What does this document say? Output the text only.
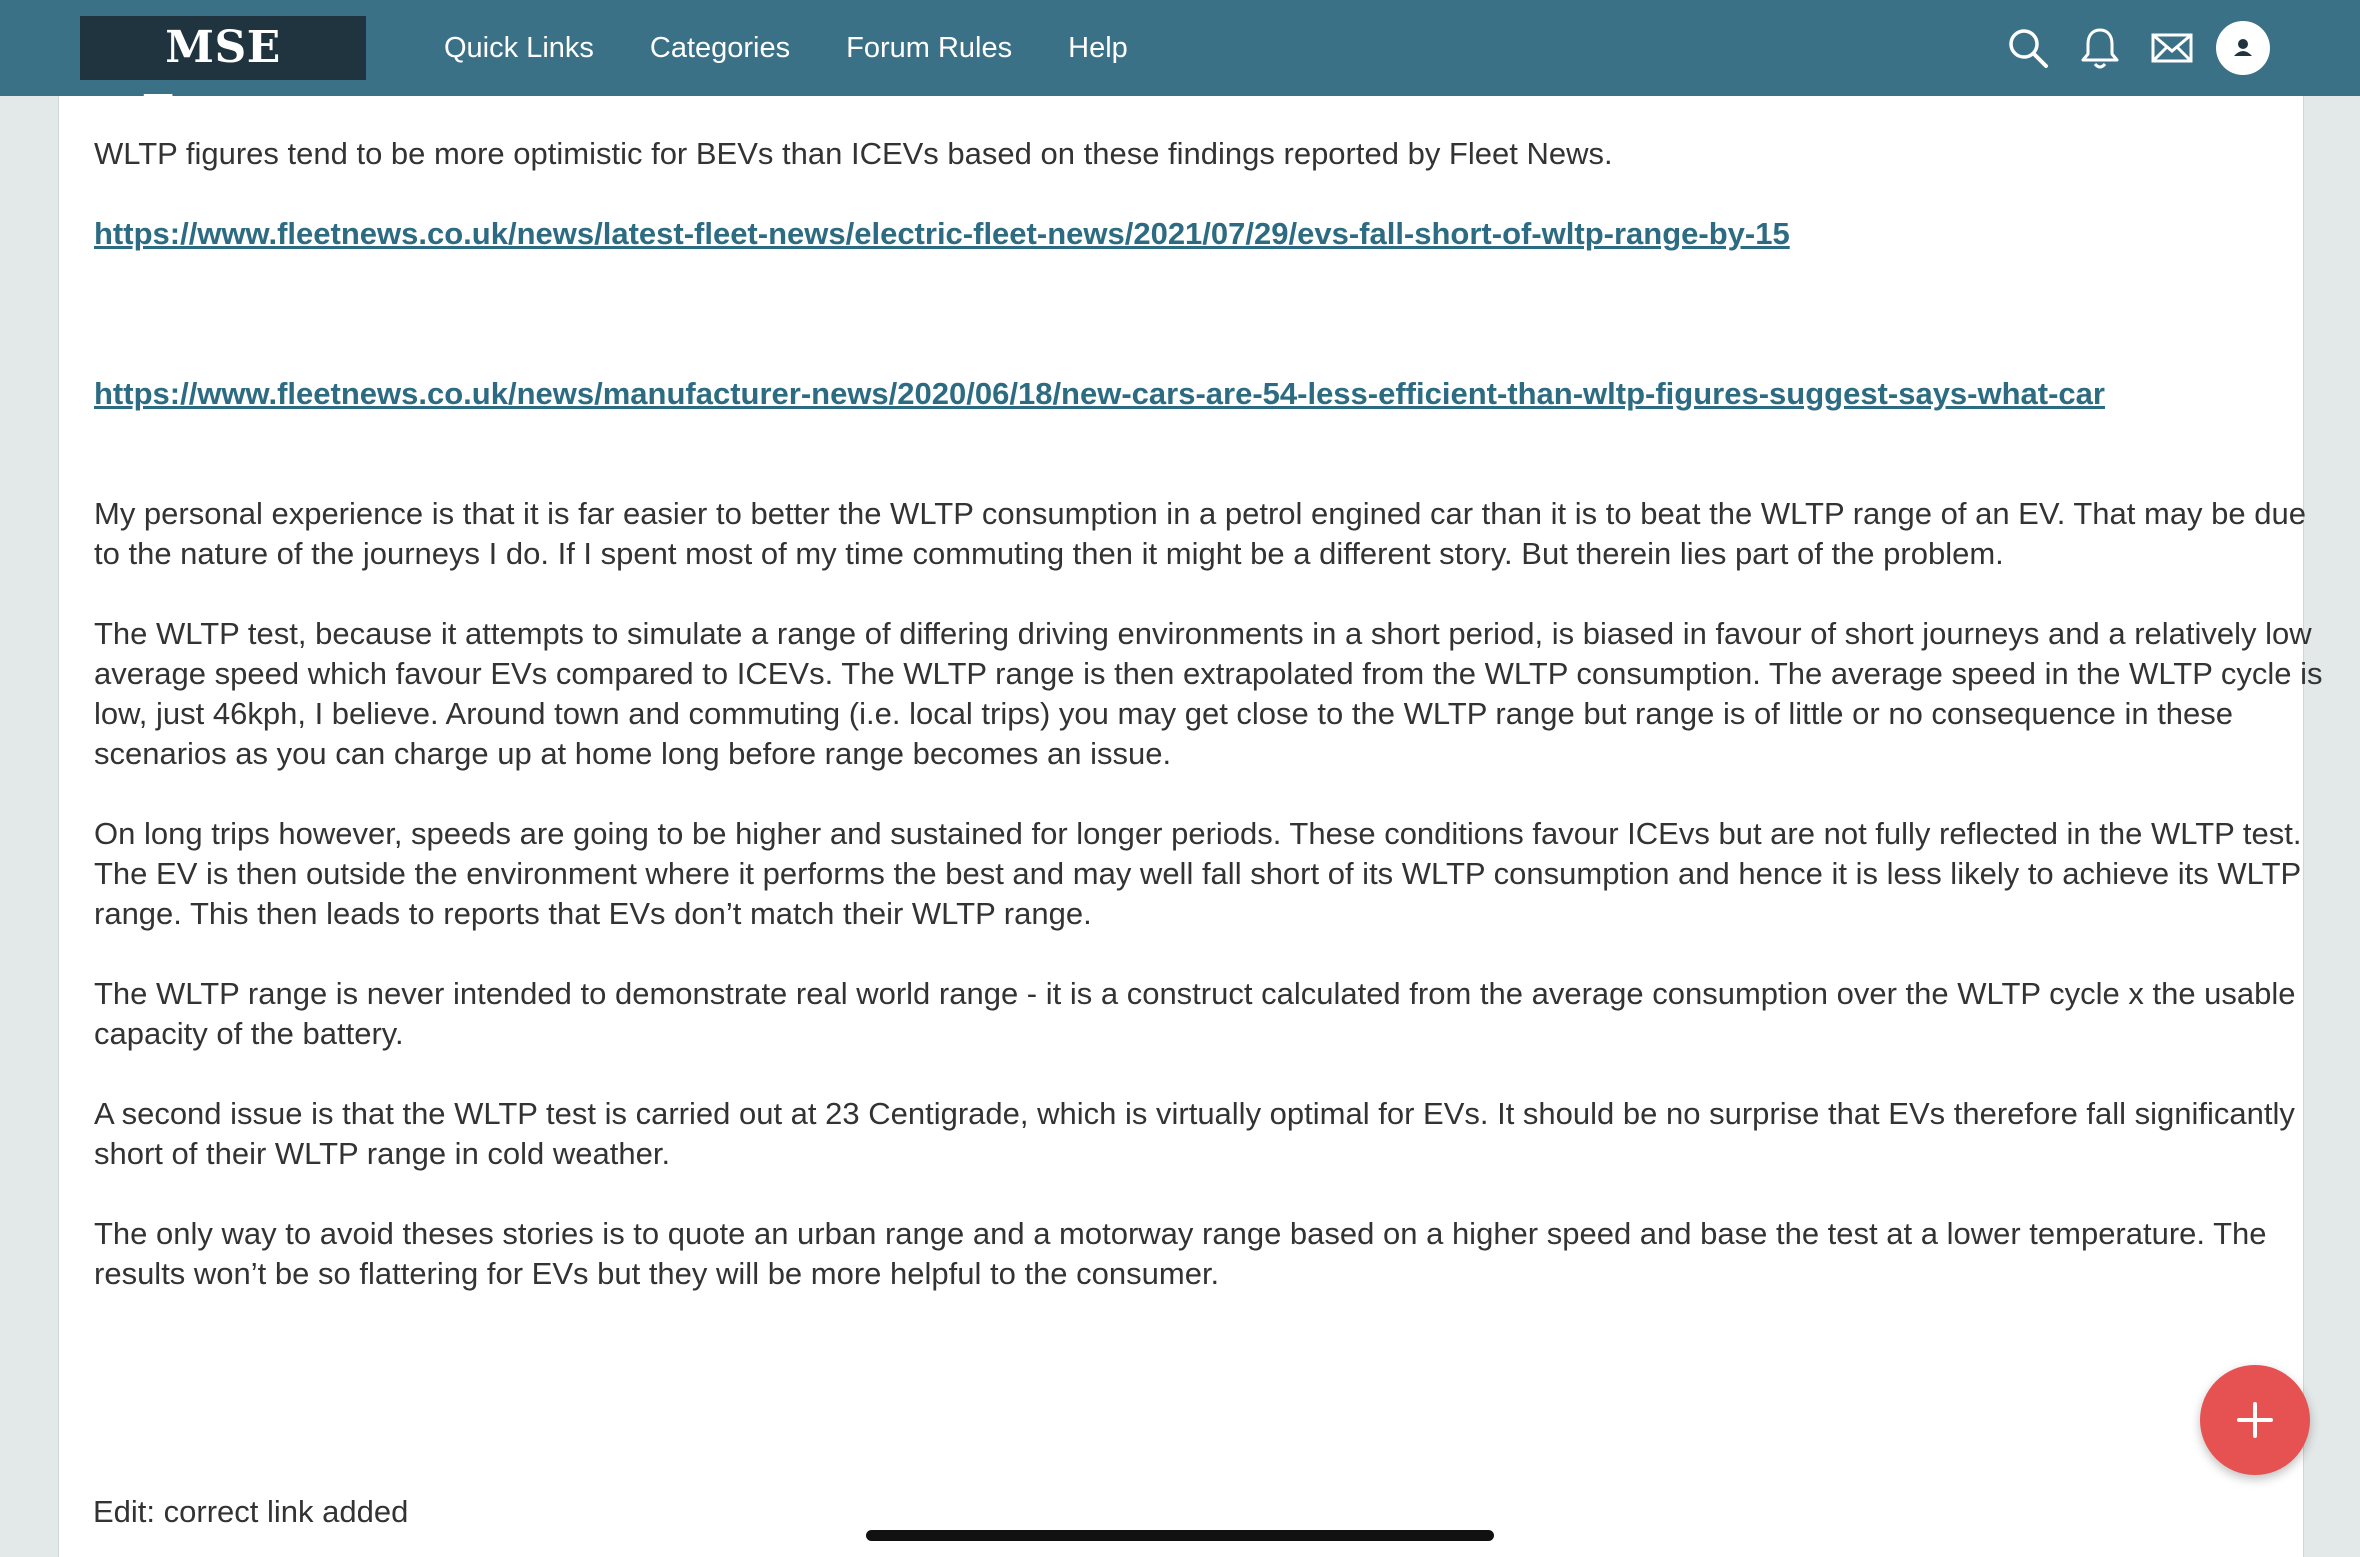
MSE	Quick Links Categories Forum Rules Help

WLTP figures tend to be more optimistic for BEVs than ICEVs based on these findings reported by Fleet News.

https://www.fleetnews.co.uk/news/latest-fleet-news/electric-fleet-news/2021/07/29/evs-fall-short-of-wltp-range-by-15

https://www.fleetnews.co.uk/news/manufacturer-news/2020/06/18/new-cars-are-54-less-efficient-than-wltp-figures-suggest-says-what-car

My personal experience is that it is far easier to better the WLTP consumption in a petrol engined car than it is to beat the WLTP range of an EV. That may be due to the nature of the journeys I do. If I spent most of my time commuting then it might be a different story. But therein lies part of the problem.

The WLTP test, because it attempts to simulate a range of differing driving environments in a short period, is biased in favour of short journeys and a relatively low average speed which favour EVs compared to ICEVs. The WLTP range is then extrapolated from the WLTP consumption. The average speed in the WLTP cycle is low, just 46kph, I believe. Around town and commuting (i.e. local trips) you may get close to the WLTP range but range is of little or no consequence in these scenarios as you can charge up at home long before range becomes an issue.

On long trips however, speeds are going to be higher and sustained for longer periods. These conditions favour ICEvs but are not fully reflected in the WLTP test. The EV is then outside the environment where it performs the best and may well fall short of its WLTP consumption and hence it is less likely to achieve its WLTP range. This then leads to reports that EVs don’t match their WLTP range.

The WLTP range is never intended to demonstrate real world range - it is a construct calculated from the average consumption over the WLTP cycle x the usable capacity of the battery.

A second issue is that the WLTP test is carried out at 23 Centigrade, which is virtually optimal for EVs. It should be no surprise that EVs therefore fall significantly short of their WLTP range in cold weather.

The only way to avoid theses stories is to quote an urban range and a motorway range based on a higher speed and base the test at a lower temperature. The results won’t be so flattering for EVs but they will be more helpful to the consumer.

Edit: correct link added
